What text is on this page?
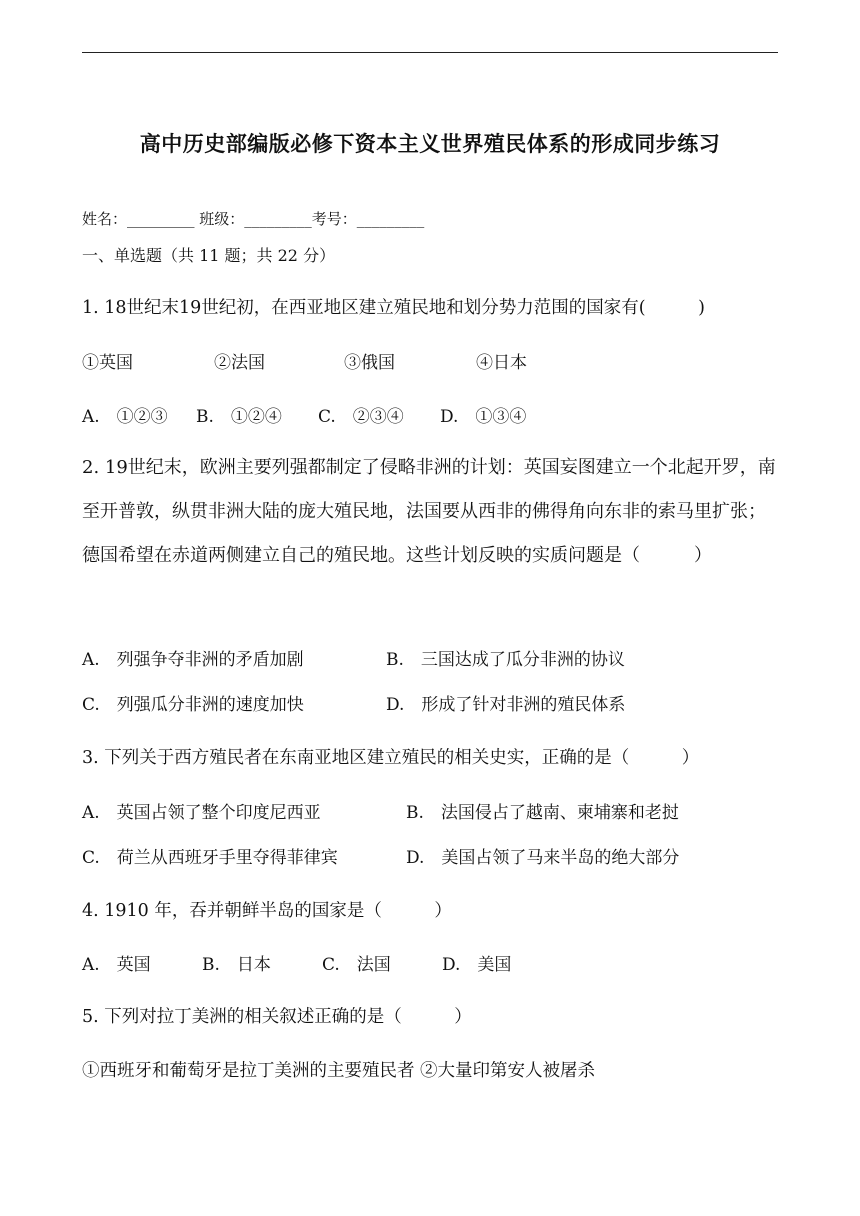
高中历史部编版必修下资本主义世界殖民体系的形成同步练习
姓名：_________ 班级：_________考号：_________
一、单选题（共 11 题；共 22 分）
1. 18世纪末19世纪初，在西亚地区建立殖民地和划分势力范围的国家有(　　　)
①英国	②法国	③俄国	④日本
A.　①②③ B.　①②④ C.　②③④ D.　①③④
2. 19世纪末，欧洲主要列强都制定了侵略非洲的计划：英国妄图建立一个北起开罗，南至开普敦，纵贯非洲大陆的庞大殖民地，法国要从西非的佛得角向东非的索马里扩张；德国希望在赤道两侧建立自己的殖民地。这些计划反映的实质问题是（　　　）
A.　列强争夺非洲的矛盾加剧	B.　三国达成了瓜分非洲的协议
C.　列强瓜分非洲的速度加快	D.　形成了针对非洲的殖民体系
3. 下列关于西方殖民者在东南亚地区建立殖民的相关史实，正确的是（　　　）
A.　英国占领了整个印度尼西亚	B.　法国侵占了越南、柬埔寨和老挝
C.　荷兰从西班牙手里夺得菲律宾	D.　美国占领了马来半岛的绝大部分
4. 1910 年，吞并朝鲜半岛的国家是（　　　）
A.　英国	B.　日本	C.　法国	D.　美国
5. 下列对拉丁美洲的相关叙述正确的是（　　　）
①西班牙和葡萄牙是拉丁美洲的主要殖民者 ②大量印第安人被屠杀
